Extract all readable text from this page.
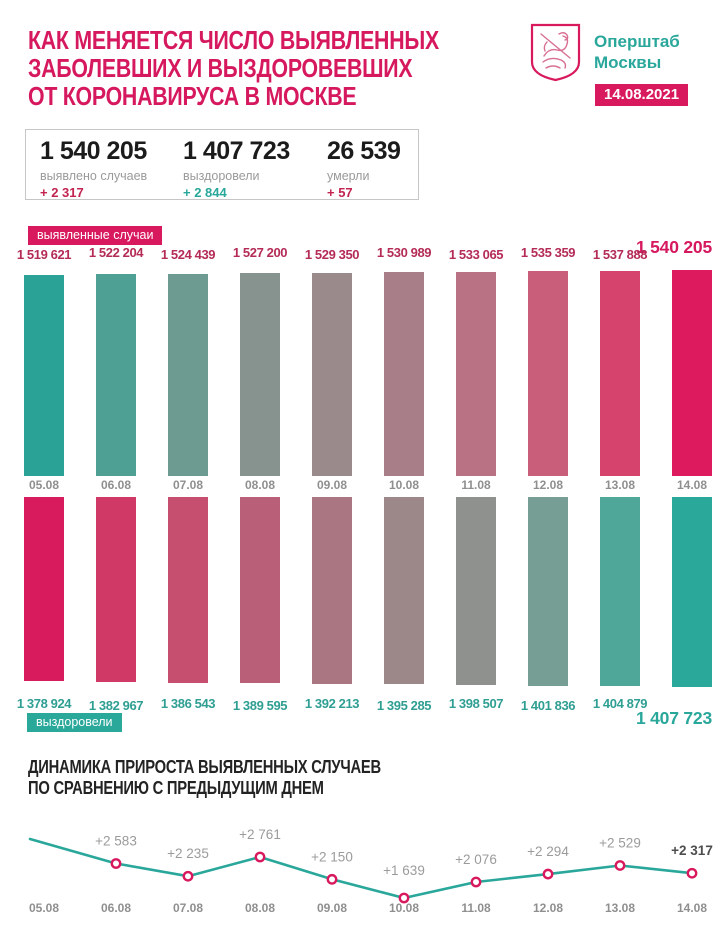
КАК МЕНЯЕТСЯ ЧИСЛО ВЫЯВЛЕННЫХ
ЗАБОЛЕВШИХ И ВЫЗДОРОВЕВШИХ
ОТ КОРОНАВИРУСА В МОСКВЕ
Оперштаб
Москвы
14.08.2021
1 540 205
выявлено случаев
+ 2 317
1 407 723
выздоровели
+ 2 844
26 539
умерли
+ 57
выявленные случаи
1 540 205
1 519 621	1 522 204	1 524 439	1 527 200	1 529 350	1 530 989	1 533 065	1 535 359	1 537 888
05.08	06.08	07.08	08.08	09.08	10.08	11.08	12.08	13.08	14.08
1 378 924	1 382 967	1 386 543	1 389 595	1 392 213	1 395 285	1 398 507	1 401 836	1 404 879
выздоровели	1 407 723
ДИНАМИКА ПРИРОСТА ВЫЯВЛЕННЫХ СЛУЧАЕВ
ПО СРАВНЕНИЮ С ПРЕДЫДУЩИМ ДНЕМ
+2 583
+2 235
+2 761
+2 150
+1 639
+2 076
+2 294
+2 529
+2 317
05.08	06.08	07.08	08.08	09.08	10.08	11.08	12.08	13.08	14.08
